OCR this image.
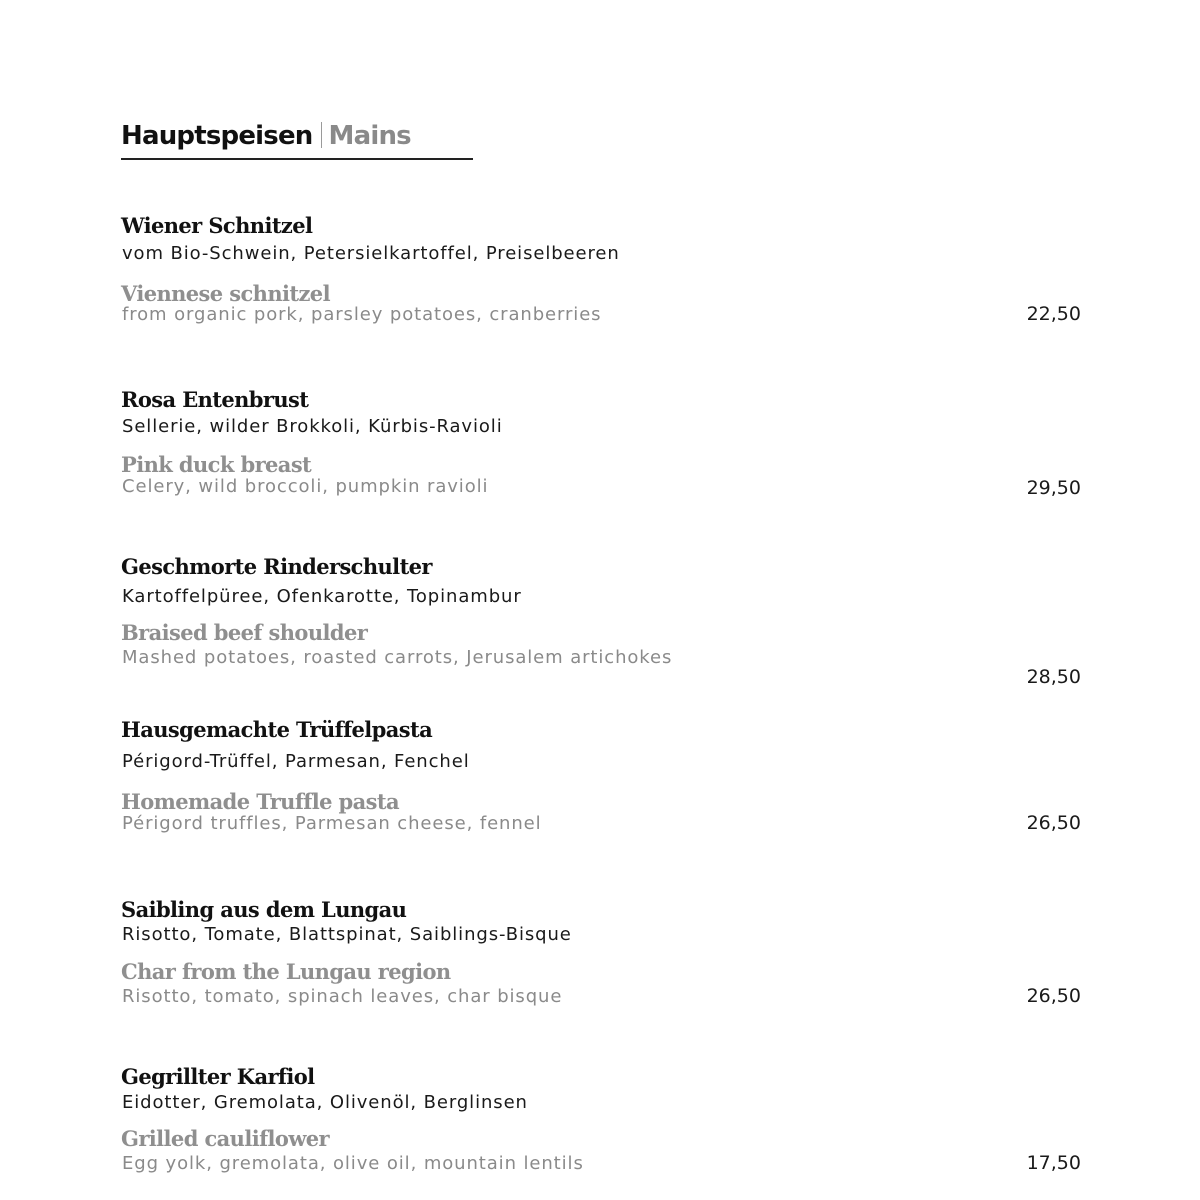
Hauptspeisen Mains
Wiener Schnitzel
vom Bio-Schwein, Petersielkartoffel, Preiselbeeren
Viennese schnitzel
from organic pork, parsley potatoes, cranberries	22,50
Rosa Entenbrust
Sellerie, wilder Brokkoli, Kürbis-Ravioli
Pink duck breast
Celery, wild broccoli, pumpkin ravioli	29,50
Geschmorte Rinderschulter
Kartoffelpüree, Ofenkarotte, Topinambur
Braised beef shoulder
Mashed potatoes, roasted carrots, Jerusalem artichokes
28,50
Hausgemachte Trüffelpasta
Périgord-Trüffel, Parmesan, Fenchel
Homemade Truffle pasta
Périgord truffles, Parmesan cheese, fennel	26,50
Saibling aus dem Lungau
Risotto, Tomate, Blattspinat, Saiblings-Bisque
Char from the Lungau region
Risotto, tomato, spinach leaves, char bisque	26,50
Gegrillter Karfiol
Eidotter, Gremolata, Olivenöl, Berglinsen
Grilled cauliflower
Egg yolk, gremolata, olive oil, mountain lentils	17,50
